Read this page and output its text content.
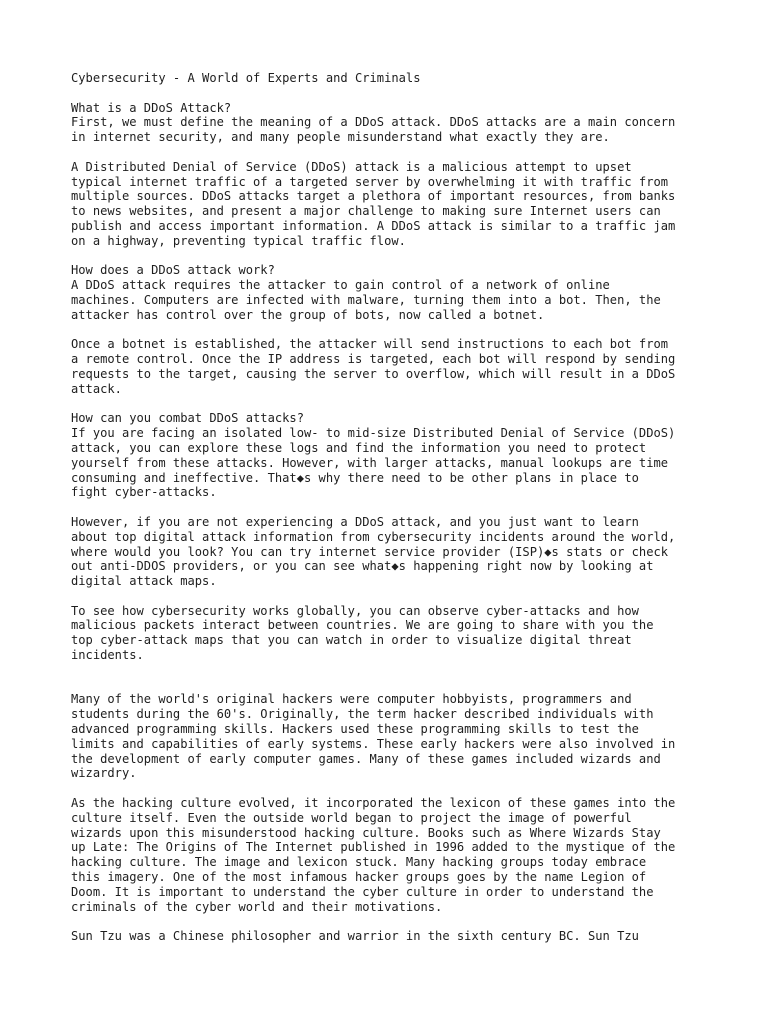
Cybersecurity - A World of Experts and Criminals
What is a DDoS Attack?
First, we must define the meaning of a DDoS attack. DDoS attacks are a main concern
in internet security, and many people misunderstand what exactly they are.
A Distributed Denial of Service (DDoS) attack is a malicious attempt to upset
typical internet traffic of a targeted server by overwhelming it with traffic from
multiple sources. DDoS attacks target a plethora of important resources, from banks
to news websites, and present a major challenge to making sure Internet users can
publish and access important information. A DDoS attack is similar to a traffic jam
on a highway, preventing typical traffic flow.
How does a DDoS attack work?
A DDoS attack requires the attacker to gain control of a network of online
machines. Computers are infected with malware, turning them into a bot. Then, the
attacker has control over the group of bots, now called a botnet.
Once a botnet is established, the attacker will send instructions to each bot from
a remote control. Once the IP address is targeted, each bot will respond by sending
requests to the target, causing the server to overflow, which will result in a DDoS
attack.
How can you combat DDoS attacks?
If you are facing an isolated low- to mid-size Distributed Denial of Service (DDoS)
attack, you can explore these logs and find the information you need to protect
yourself from these attacks. However, with larger attacks, manual lookups are time
consuming and ineffective. That◆s why there need to be other plans in place to
fight cyber-attacks.
However, if you are not experiencing a DDoS attack, and you just want to learn
about top digital attack information from cybersecurity incidents around the world,
where would you look? You can try internet service provider (ISP)◆s stats or check
out anti-DDOS providers, or you can see what◆s happening right now by looking at
digital attack maps.
To see how cybersecurity works globally, you can observe cyber-attacks and how
malicious packets interact between countries. We are going to share with you the
top cyber-attack maps that you can watch in order to visualize digital threat
incidents.
Many of the world's original hackers were computer hobbyists, programmers and
students during the 60's. Originally, the term hacker described individuals with
advanced programming skills. Hackers used these programming skills to test the
limits and capabilities of early systems. These early hackers were also involved in
the development of early computer games. Many of these games included wizards and
wizardry.
As the hacking culture evolved, it incorporated the lexicon of these games into the
culture itself. Even the outside world began to project the image of powerful
wizards upon this misunderstood hacking culture. Books such as Where Wizards Stay
up Late: The Origins of The Internet published in 1996 added to the mystique of the
hacking culture. The image and lexicon stuck. Many hacking groups today embrace
this imagery. One of the most infamous hacker groups goes by the name Legion of
Doom. It is important to understand the cyber culture in order to understand the
criminals of the cyber world and their motivations.
Sun Tzu was a Chinese philosopher and warrior in the sixth century BC. Sun Tzu
